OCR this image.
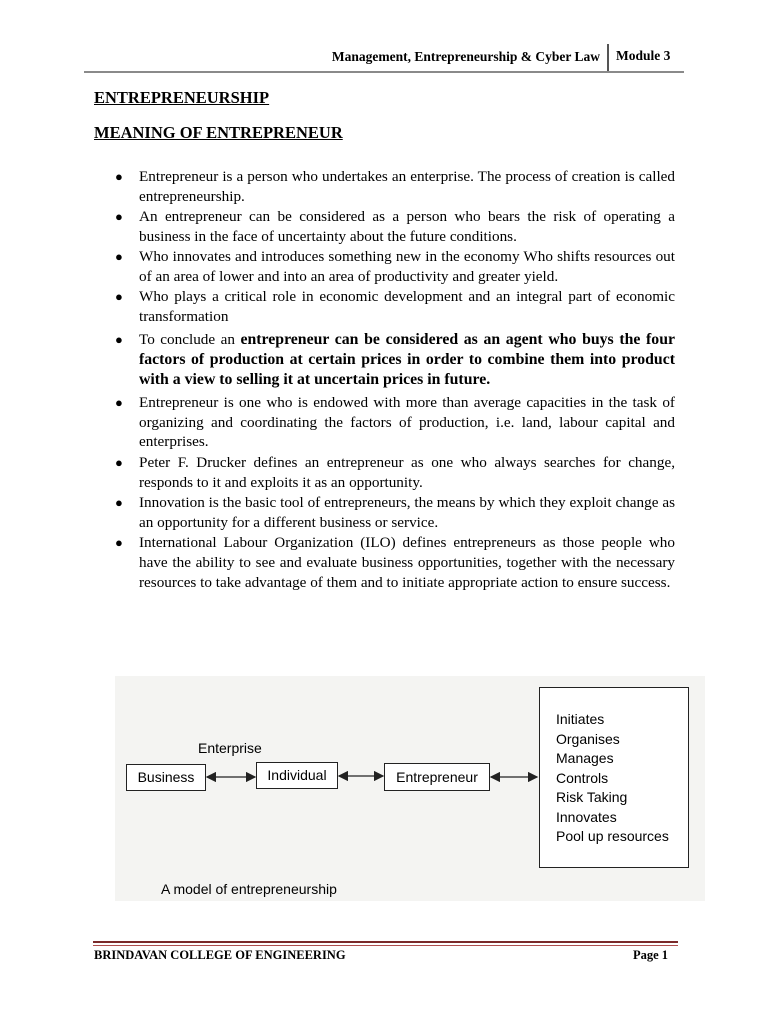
Management, Entrepreneurship & Cyber Law Module 3
ENTREPRENEURSHIP
MEANING OF ENTREPRENEUR
● Entrepreneur is a person who undertakes an enterprise. The process of creation is called entrepreneurship.
● An entrepreneur can be considered as a person who bears the risk of operating a business in the face of uncertainty about the future conditions.
● Who innovates and introduces something new in the economy Who shifts resources out of an area of lower and into an area of productivity and greater yield.
● Who plays a critical role in economic development and an integral part of economic transformation
● To conclude an entrepreneur can be considered as an agent who buys the four factors of production at certain prices in order to combine them into product with a view to selling it at uncertain prices in future.
● Entrepreneur is one who is endowed with more than average capacities in the task of organizing and coordinating the factors of production, i.e. land, labour capital and enterprises.
● Peter F. Drucker defines an entrepreneur as one who always searches for change, responds to it and exploits it as an opportunity.
● Innovation is the basic tool of entrepreneurs, the means by which they exploit change as an opportunity for a different business or service.
● International Labour Organization (ILO) defines entrepreneurs as those people who have the ability to see and evaluate business opportunities, together with the necessary resources to take advantage of them and to initiate appropriate action to ensure success.
Enterprise
Business	Individual	Entrepreneur
Initiates
Organises
Manages
Controls
Risk Taking
Innovates
Pool up resources
A model of entrepreneurship
BRINDAVAN COLLEGE OF ENGINEERING	Page 1
